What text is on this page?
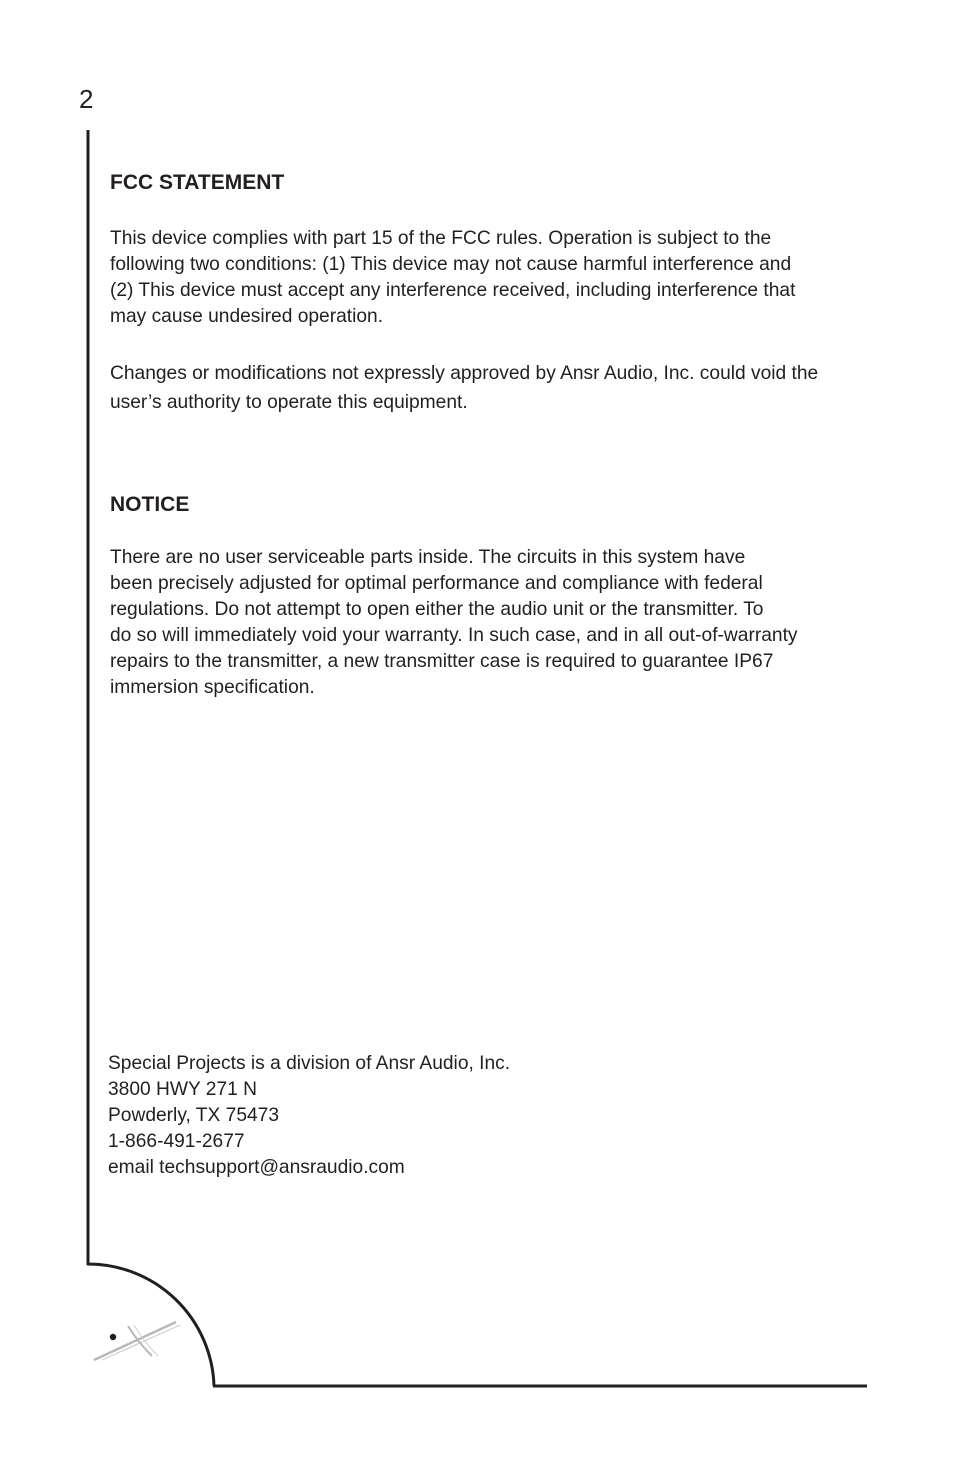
2
FCC STATEMENT

This device complies with part 15 of the FCC rules. Operation is subject to the
following two conditions: (1) This device may not cause harmful interference and
(2) This device must accept any interference received, including interference that
may cause undesired operation.

Changes or modifications not expressly approved by Ansr Audio, Inc. could void the
user’s authority to operate this equipment.

NOTICE

There are no user serviceable parts inside. The circuits in this system have
been precisely adjusted for optimal performance and compliance with federal
regulations. Do not attempt to open either the audio unit or the transmitter. To
do so will immediately void your warranty. In such case, and in all out-of-warranty
repairs to the transmitter, a new transmitter case is required to guarantee IP67
immersion specification.

Special Projects is a division of Ansr Audio, Inc.
3800 HWY 271 N
Powderly, TX 75473
1-866-491-2677
email techsupport@ansraudio.com
